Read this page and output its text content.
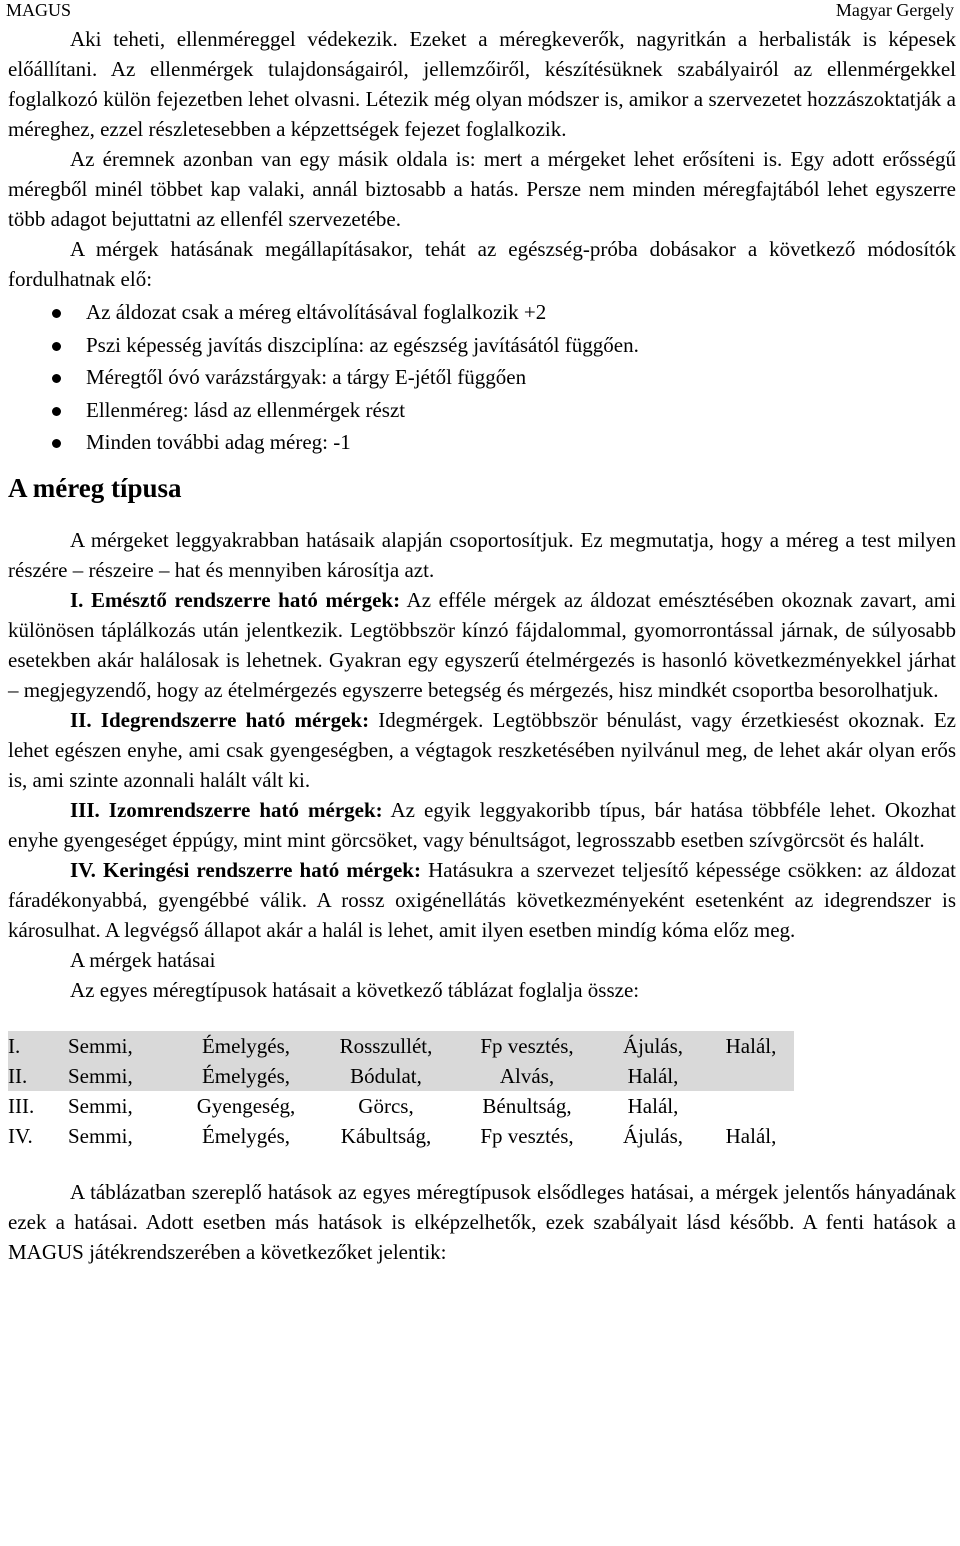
MAGUS	Magyar Gergely

Aki teheti, ellenméreggel védekezik. Ezeket a méregkeverők, nagyritkán a herbalisták is képesek előállítani. Az ellenmérgek tulajdonságairól, jellemzőiről, készítésüknek szabályairól az ellenmérgekkel foglalkozó külön fejezetben lehet olvasni. Létezik még olyan módszer is, amikor a szervezetet hozzászoktatják a méreghez, ezzel részletesebben a képzettségek fejezet foglalkozik.

Az éremnek azonban van egy másik oldala is: mert a mérgeket lehet erősíteni is. Egy adott erősségű méregből minél többet kap valaki, annál biztosabb a hatás. Persze nem minden méregfajtából lehet egyszerre több adagot bejuttatni az ellenfél szervezetébe.

A mérgek hatásának megállapításakor, tehát az egészség-próba dobásakor a következő módosítók fordulhatnak elő:

Az áldozat csak a méreg eltávolításával foglalkozik +2
Pszi képesség javítás diszciplína: az egészség javításától függően.
Méregtől óvó varázstárgyak: a tárgy E-jétől függően
Ellenméreg: lásd az ellenmérgek részt
Minden további adag méreg: -1
A méreg típusa

A mérgeket leggyakrabban hatásaik alapján csoportosítjuk. Ez megmutatja, hogy a méreg a test milyen részére – részeire – hat és mennyiben károsítja azt.

I. Emésztő rendszerre ható mérgek: Az efféle mérgek az áldozat emésztésében okoznak zavart, ami különösen táplálkozás után jelentkezik. Legtöbbször kínzó fájdalommal, gyomorrontással járnak, de súlyosabb esetekben akár halálosak is lehetnek. Gyakran egy egyszerű ételmérgezés is hasonló következményekkel járhat – megjegyzendő, hogy az ételmérgezés egyszerre betegség és mérgezés, hisz mindkét csoportba besorolhatjuk.

II. Idegrendszerre ható mérgek: Idegmérgek. Legtöbbször bénulást, vagy érzetkiesést okoznak. Ez lehet egészen enyhe, ami csak gyengeségben, a végtagok reszketésében nyilvánul meg, de lehet akár olyan erős is, ami szinte azonnali halált vált ki.

III. Izomrendszerre ható mérgek: Az egyik leggyakoribb típus, bár hatása többféle lehet. Okozhat enyhe gyengeséget éppúgy, mint mint görcsöket, vagy bénultságot, legrosszabb esetben szívgörcsöt és halált.

IV. Keringési rendszerre ható mérgek: Hatásukra a szervezet teljesítő képessége csökken: az áldozat fáradékonyabbá, gyengébbé válik. A rossz oxigénellátás következményeként esetenként az idegrendszer is károsulhat. A legvégső állapot akár a halál is lehet, amit ilyen esetben mindíg kóma előz meg.

A mérgek hatásai

Az egyes méregtípusok hatásait a következő táblázat foglalja össze:

I.	Semmi,	Émelygés,	Rosszullét,	Fp vesztés,	Ájulás,	Halál,
II.	Semmi,	Émelygés,	Bódulat,	Alvás,	Halál,	
III.	Semmi,	Gyengeség,	Görcs,	Bénultság,	Halál,	
IV.	Semmi,	Émelygés,	Kábultság,	Fp vesztés,	Ájulás,	Halál,

A táblázatban szereplő hatások az egyes méregtípusok elsődleges hatásai, a mérgek jelentős hányadának ezek a hatásai. Adott esetben más hatások is elképzelhetők, ezek szabályait lásd később. A fenti hatások a MAGUS játékrendszerében a következőket jelentik:
